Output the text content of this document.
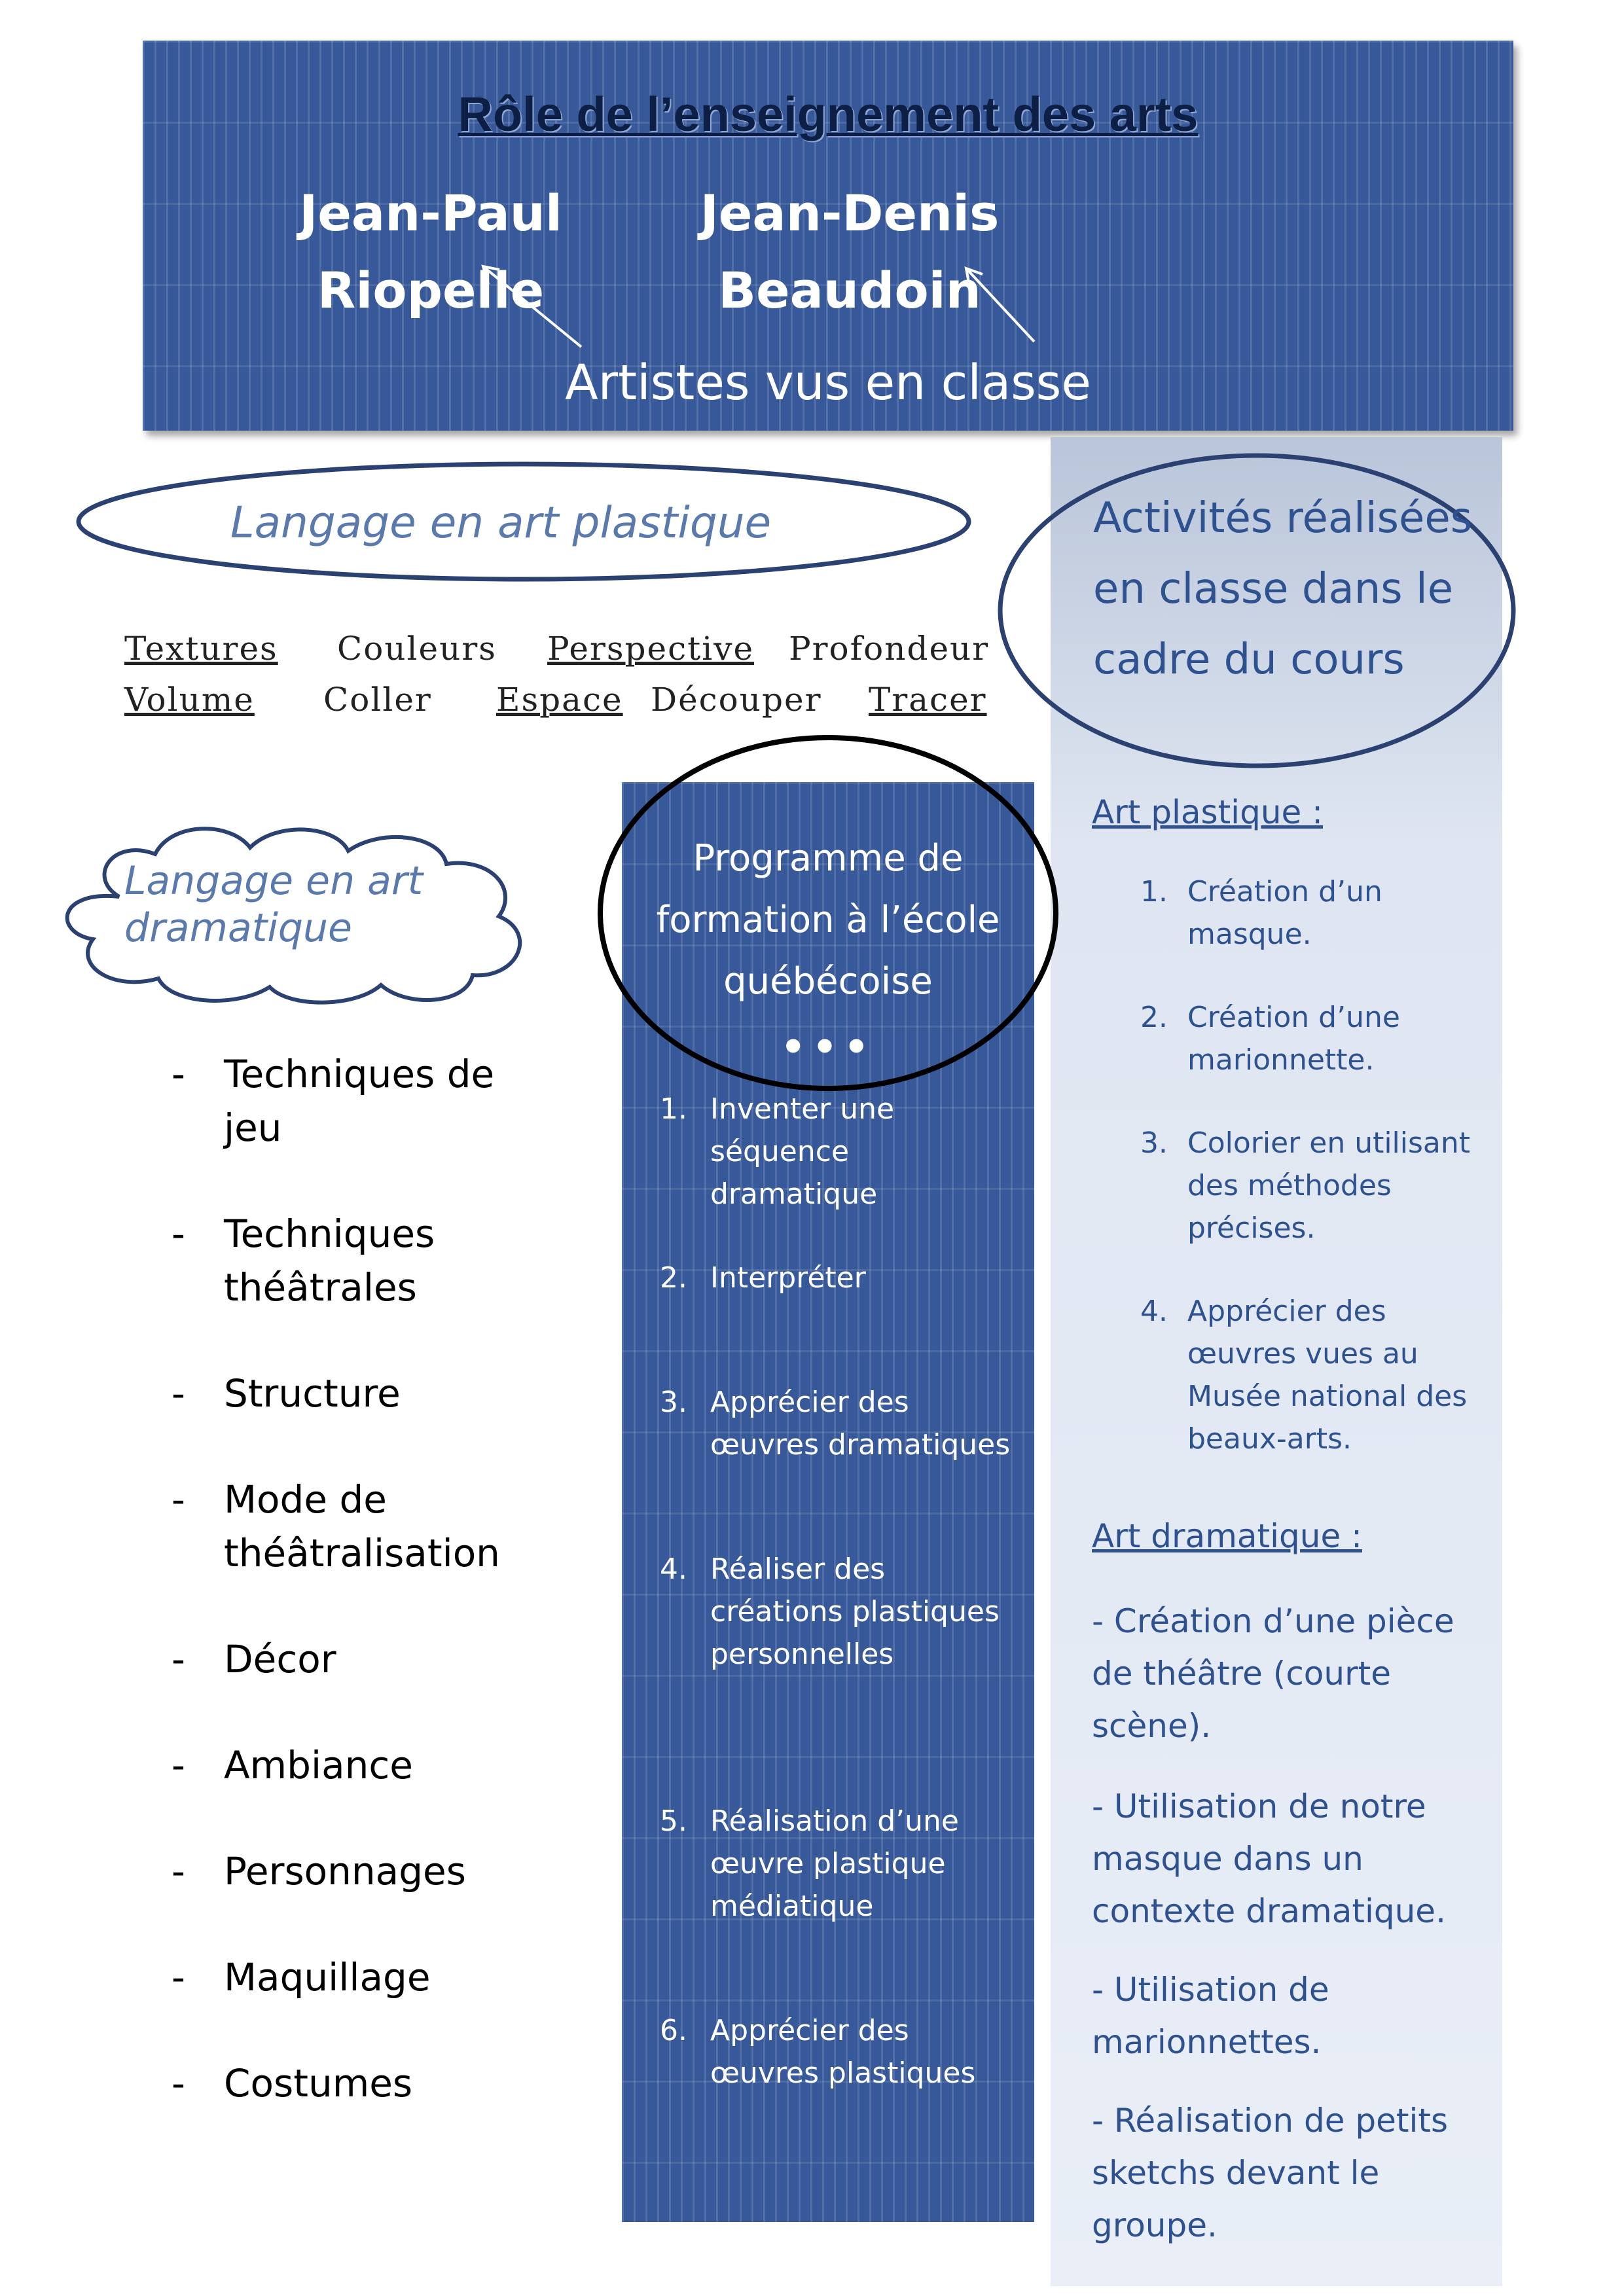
Rôle de l’enseignement des arts
Jean-Paul
Riopelle
Jean-Denis
Beaudoin
Artistes vus en classe
Activités réalisées en classe dans le cadre du cours
Art plastique :
1. Création d’un masque.
2. Création d’une marionnette.
3. Colorier en utilisant des méthodes précises.
4. Apprécier des œuvres vues au Musée national des beaux-arts.
Art dramatique :
- Création d’une pièce de théâtre (courte scène).
- Utilisation de notre masque dans un contexte dramatique.
- Utilisation de marionnettes.
- Réalisation de petits sketchs devant le groupe.
Langage en art plastique
Textures Couleurs Perspective Profondeur
Volume Coller Espace Découper Tracer
Langage en art dramatique
- Techniques de jeu
- Techniques théâtrales
- Structure
- Mode de théâtralisation
- Décor
- Ambiance
- Personnages
- Maquillage
- Costumes
Programme de formation à l’école québécoise
•••
1. Inventer une séquence dramatique
2. Interpréter
3. Apprécier des œuvres dramatiques
4. Réaliser des créations plastiques personnelles
5. Réalisation d’une œuvre plastique médiatique
6. Apprécier des œuvres plastiques
